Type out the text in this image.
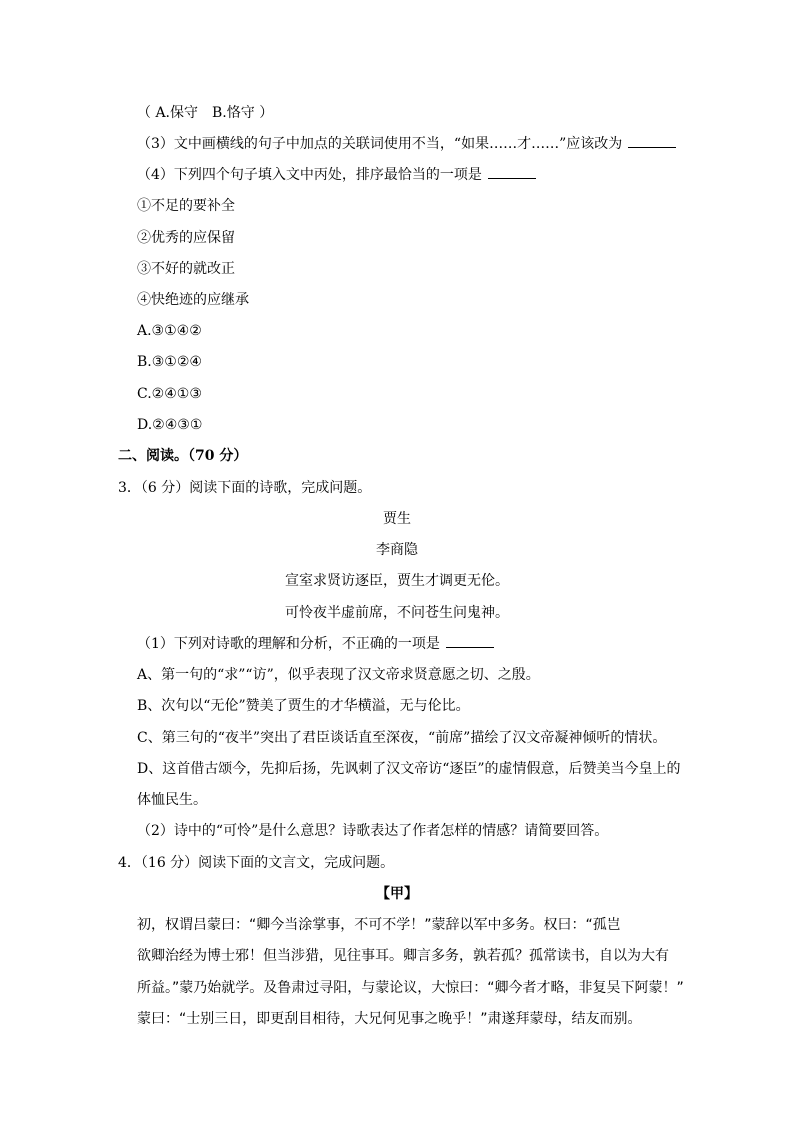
（ A.保守　B.恪守 ）
（3）文中画横线的句子中加点的关联词使用不当，“如果……才……”应该改为
（4）下列四个句子填入文中丙处，排序最恰当的一项是
①不足的要补全
②优秀的应保留
③不好的就改正
④快绝迹的应继承
A.③①④②
B.③①②④
C.②④①③
D.②④③①
二、阅读。（70 分）
3．（6 分）阅读下面的诗歌，完成问题。
贾生
李商隐
宣室求贤访逐臣，贾生才调更无伦。
可怜夜半虚前席，不问苍生问鬼神。
（1）下列对诗歌的理解和分析，不正确的一项是
A、第一句的“求”“访”，似乎表现了汉文帝求贤意愿之切、之殷。
B、次句以“无伦”赞美了贾生的才华横溢，无与伦比。
C、第三句的“夜半”突出了君臣谈话直至深夜，“前席”描绘了汉文帝凝神倾听的情状。
D、这首借古颂今，先抑后扬，先讽刺了汉文帝访“逐臣”的虚情假意，后赞美当今皇上的
体恤民生。
（2）诗中的“可怜”是什么意思？诗歌表达了作者怎样的情感？请简要回答。
4．（16 分）阅读下面的文言文，完成问题。
【甲】
初，权谓吕蒙曰：“卿今当涂掌事，不可不学！”蒙辞以军中多务。权曰：“孤岂
欲卿治经为博士邪！但当涉猎，见往事耳。卿言多务，孰若孤？孤常读书，自以为大有
所益。”蒙乃始就学。及鲁肃过寻阳，与蒙论议，大惊曰：“卿今者才略，非复吴下阿蒙！”
蒙曰：“士别三日，即更刮目相待，大兄何见事之晚乎！”肃遂拜蒙母，结友而别。
